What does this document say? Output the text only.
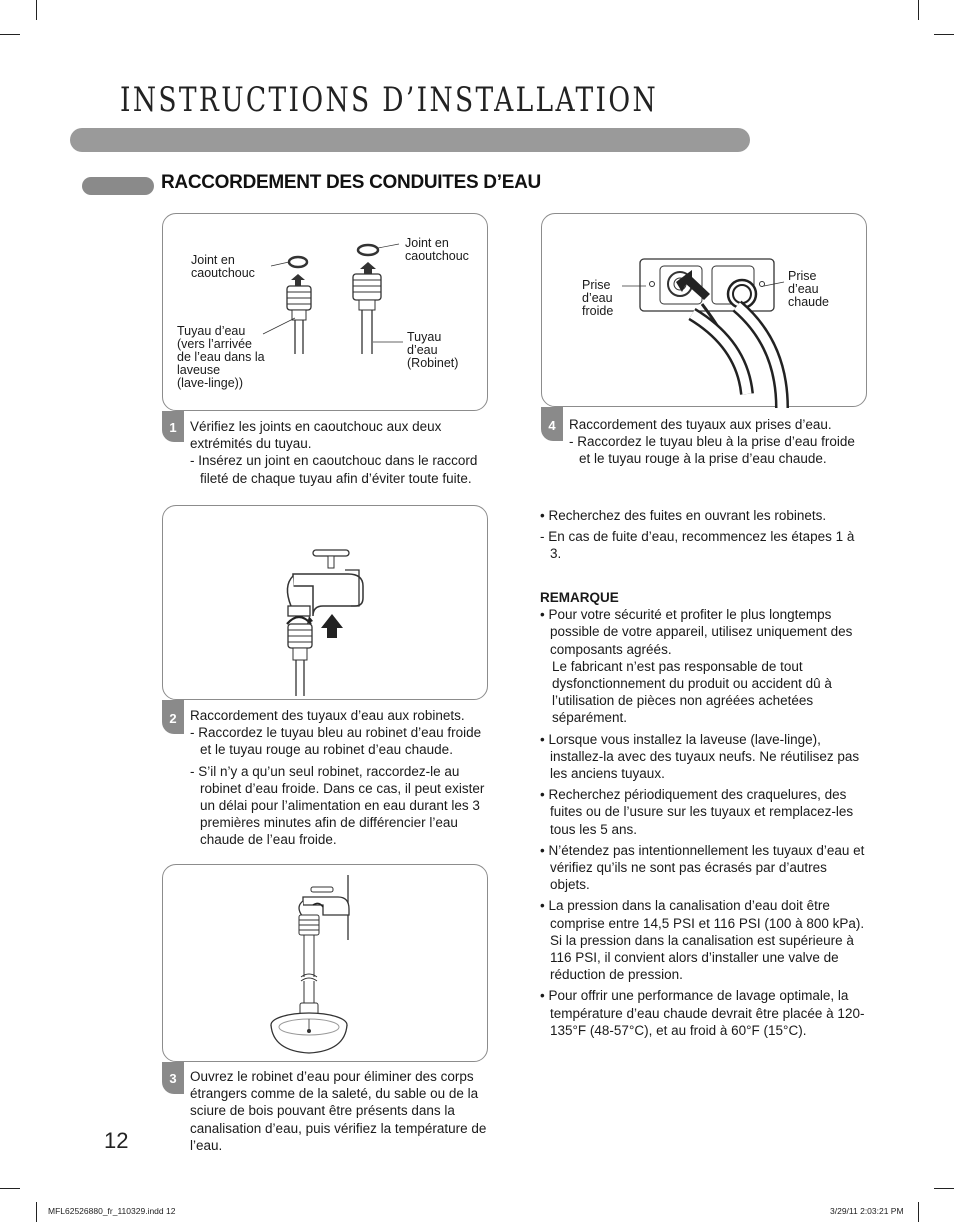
INSTRUCTIONS D’INSTALLATION
RACCORDEMENT DES CONDUITES D’EAU
Joint en
caoutchouc
Joint en
caoutchouc
Tuyau d’eau
(vers l’arrivée
de l’eau dans la
laveuse
(lave-linge))
Tuyau
d’eau
(Robinet)
1 Vérifiez les joints en caoutchouc aux deux extrémités du tuyau.

- Insérez un joint en caoutchouc dans le raccord fileté de chaque tuyau afin d’éviter toute fuite.

2 Raccordement des tuyaux d’eau aux robinets.

- Raccordez le tuyau bleu au robinet d’eau froide et le tuyau rouge au robinet d’eau chaude.

- S’il n’y a qu’un seul robinet, raccordez-le au robinet d’eau froide. Dans ce cas, il peut exister un délai pour l’alimentation en eau durant les 3 premières minutes afin de différencier l’eau chaude de l’eau froide.

3 Ouvrez le robinet d’eau pour éliminer des corps étrangers comme de la saleté, du sable ou de la sciure de bois pouvant être présents dans la canalisation d’eau, puis vérifiez la température de l’eau.
Prise
d’eau
froide
Prise
d’eau
chaude
4 Raccordement des tuyaux aux prises d’eau.

- Raccordez le tuyau bleu à la prise d’eau froide et le tuyau rouge à la prise d’eau chaude.

• Recherchez des fuites en ouvrant les robinets.

- En cas de fuite d’eau, recommencez les étapes 1 à 3.

REMARQUE

• Pour votre sécurité et profiter le plus longtemps possible de votre appareil, utilisez uniquement des composants agréés.

Le fabricant n’est pas responsable de tout dysfonctionnement du produit ou accident dû à l’utilisation de pièces non agréées achetées séparément.

• Lorsque vous installez la laveuse (lave-linge), installez-la avec des tuyaux neufs. Ne réutilisez pas les anciens tuyaux.

• Recherchez périodiquement des craquelures, des fuites ou de l’usure sur les tuyaux et remplacez-les tous les 5 ans.

• N’étendez pas intentionnellement les tuyaux d’eau et vérifiez qu’ils ne sont pas écrasés par d’autres objets.

• La pression dans la canalisation d’eau doit être comprise entre 14,5 PSI et 116 PSI (100 à 800 kPa). Si la pression dans la canalisation est supérieure à 116 PSI, il convient alors d’installer une valve de réduction de pression.

• Pour offrir une performance de lavage optimale, la température d’eau chaude devrait être placée à 120-135°F (48-57°C), et au froid à 60°F (15°C).

12
MFL62526880_fr_110329.indd 12	3/29/11 2:03:21 PM
